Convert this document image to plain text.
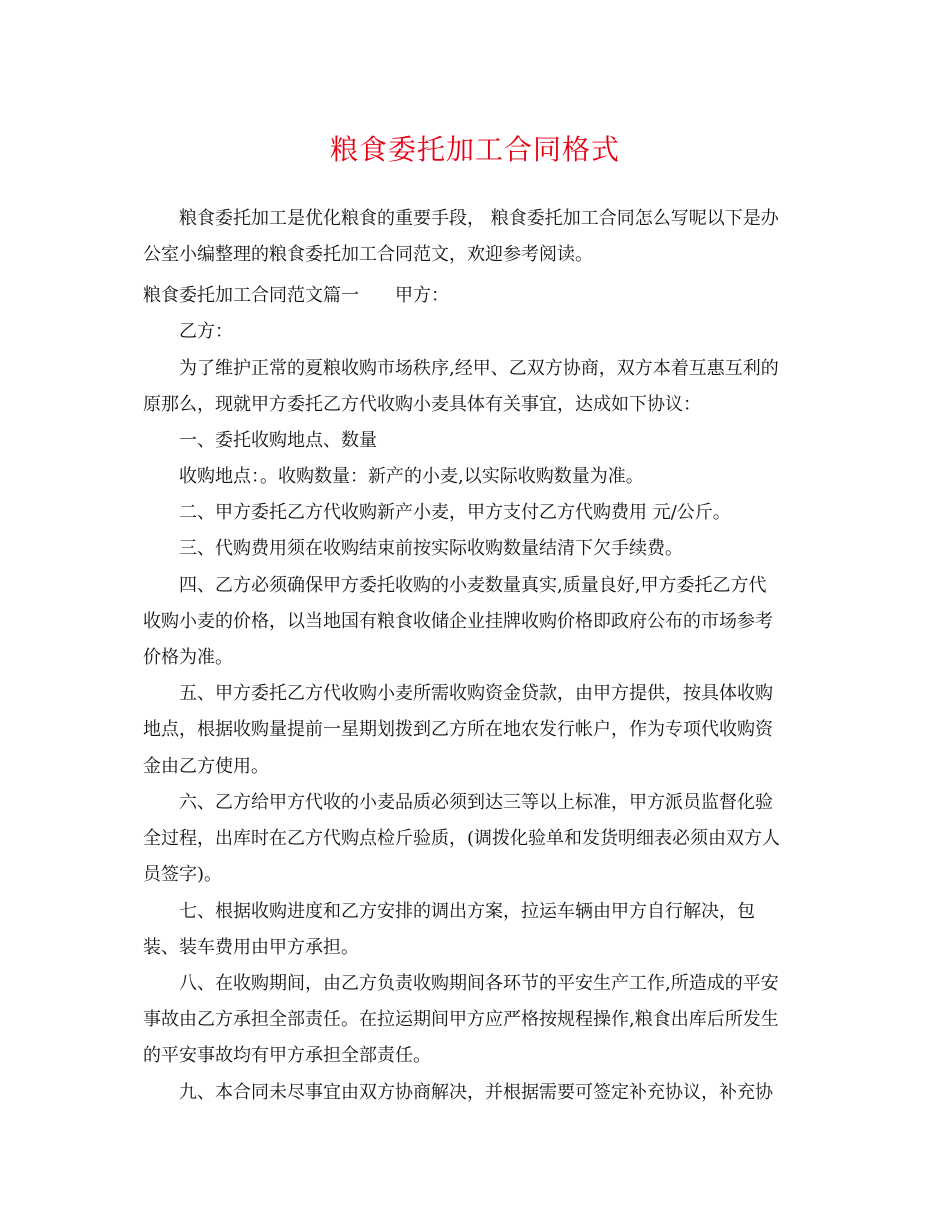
粮食委托加工合同格式
粮食委托加工是优化粮食的重要手段， 粮食委托加工合同怎么写呢以下是办
公室小编整理的粮食委托加工合同范文，欢迎参考阅读。
粮食委托加工合同范文篇一　　甲方：
乙方：
为了维护正常的夏粮收购市场秩序,经甲、乙双方协商，双方本着互惠互利的
原那么，现就甲方委托乙方代收购小麦具体有关事宜，达成如下协议：
一、委托收购地点、数量
收购地点：。收购数量：新产的小麦,以实际收购数量为准。
二、甲方委托乙方代收购新产小麦，甲方支付乙方代购费用 元/公斤。
三、代购费用须在收购结束前按实际收购数量结清下欠手续费。
四、乙方必须确保甲方委托收购的小麦数量真实,质量良好,甲方委托乙方代
收购小麦的价格，以当地国有粮食收储企业挂牌收购价格即政府公布的市场参考
价格为准。
五、甲方委托乙方代收购小麦所需收购资金贷款，由甲方提供，按具体收购
地点，根据收购量提前一星期划拨到乙方所在地农发行帐户，作为专项代收购资
金由乙方使用。
六、乙方给甲方代收的小麦品质必须到达三等以上标准，甲方派员监督化验
全过程，出库时在乙方代购点检斤验质，(调拨化验单和发货明细表必须由双方人
员签字)。
七、根据收购进度和乙方安排的调出方案，拉运车辆由甲方自行解决，包
装、装车费用由甲方承担。
八、在收购期间，由乙方负责收购期间各环节的平安生产工作,所造成的平安
事故由乙方承担全部责任。在拉运期间甲方应严格按规程操作,粮食出库后所发生
的平安事故均有甲方承担全部责任。
九、本合同未尽事宜由双方协商解决，并根据需要可签定补充协议，补充协
